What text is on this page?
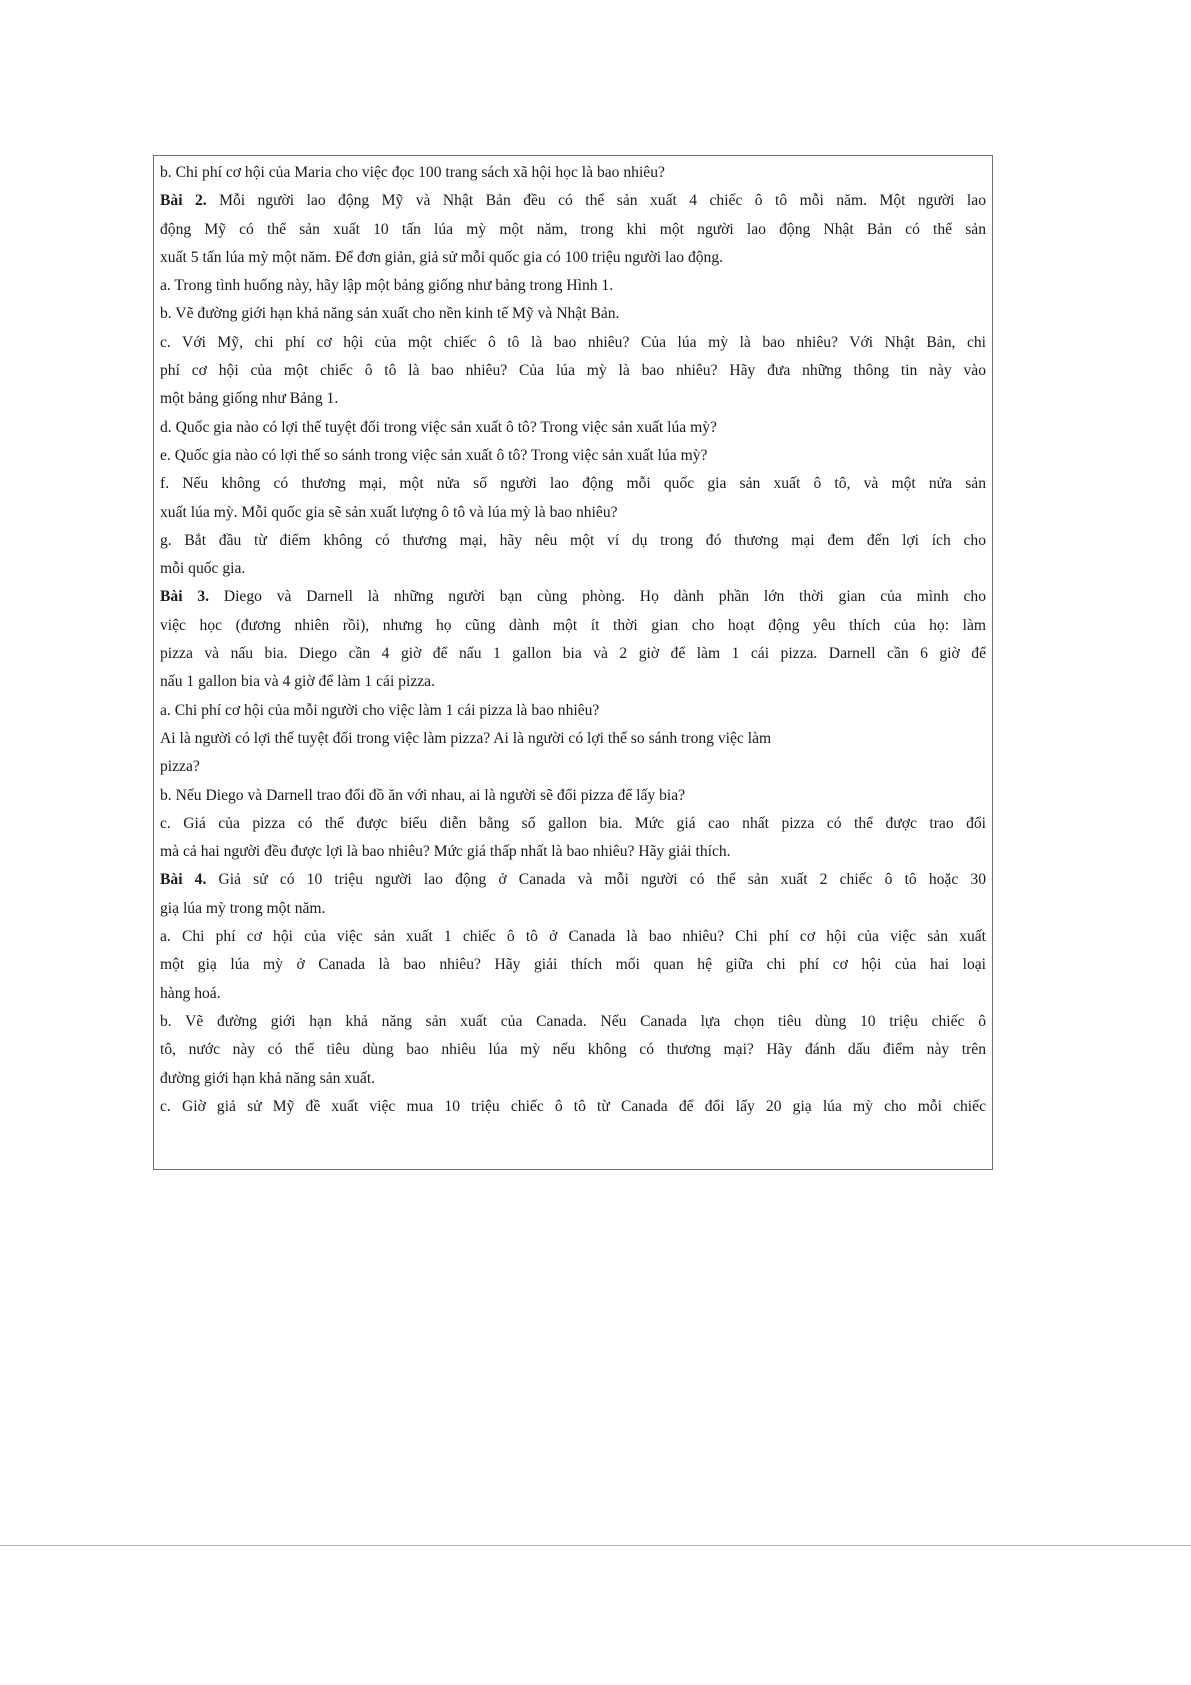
b. Chi phí cơ hội của Maria cho việc đọc 100 trang sách xã hội học là bao nhiêu?
Bài 2. Mỗi người lao động Mỹ và Nhật Bản đều có thể sản xuất 4 chiếc ô tô mỗi năm. Một người lao
động Mỹ có thể sản xuất 10 tấn lúa mỳ một năm, trong khi một người lao động Nhật Bản có thể sản
xuất 5 tấn lúa mỳ một năm. Để đơn giản, giả sử mỗi quốc gia có 100 triệu người lao động.
a. Trong tình huống này, hãy lập một bảng giống như bảng trong Hình 1.
b. Vẽ đường giới hạn khả năng sản xuất cho nền kinh tế Mỹ và Nhật Bản.
c. Với Mỹ, chi phí cơ hội của một chiếc ô tô là bao nhiêu? Của lúa mỳ là bao nhiêu? Với Nhật Bản, chi
phí cơ hội của một chiếc ô tô là bao nhiêu? Của lúa mỳ là bao nhiêu? Hãy đưa những thông tin này vào
một bảng giống như Bảng 1.
d. Quốc gia nào có lợi thế tuyệt đối trong việc sản xuất ô tô? Trong việc sản xuất lúa mỳ?
e. Quốc gia nào có lợi thế so sánh trong việc sản xuất ô tô? Trong việc sản xuất lúa mỳ?
f. Nếu không có thương mại, một nửa số người lao động mỗi quốc gia sản xuất ô tô, và một nửa sản
xuất lúa mỳ. Mỗi quốc gia sẽ sản xuất lượng ô tô và lúa mỳ là bao nhiêu?
g. Bắt đầu từ điểm không có thương mại, hãy nêu một ví dụ trong đó thương mại đem đến lợi ích cho
mỗi quốc gia.
Bài 3. Diego và Darnell là những người bạn cùng phòng. Họ dành phần lớn thời gian của mình cho
việc học (đương nhiên rồi), nhưng họ cũng dành một ít thời gian cho hoạt động yêu thích của họ: làm
pizza và nấu bia. Diego cần 4 giờ để nấu 1 gallon bia và 2 giờ để làm 1 cái pizza. Darnell cần 6 giờ để
nấu 1 gallon bia và 4 giờ để làm 1 cái pizza.
a. Chi phí cơ hội của mỗi người cho việc làm 1 cái pizza là bao nhiêu?
Ai là người có lợi thế tuyệt đối trong việc làm pizza? Ai là người có lợi thế so sánh trong việc làm
pizza?
b. Nếu Diego và Darnell trao đổi đồ ăn với nhau, ai là người sẽ đổi pizza để lấy bia?
c. Giá của pizza có thể được biểu diễn bằng số gallon bia. Mức giá cao nhất pizza có thể được trao đổi
mà cả hai người đều được lợi là bao nhiêu? Mức giá thấp nhất là bao nhiêu? Hãy giải thích.
Bài 4. Giả sử có 10 triệu người lao động ở Canada và mỗi người có thể sản xuất 2 chiếc ô tô hoặc 30
giạ lúa mỳ trong một năm.
a. Chi phí cơ hội của việc sản xuất 1 chiếc ô tô ở Canada là bao nhiêu? Chi phí cơ hội của việc sản xuất
một giạ lúa mỳ ở Canada là bao nhiêu? Hãy giải thích mối quan hệ giữa chi phí cơ hội của hai loại
hàng hoá.
b. Vẽ đường giới hạn khả năng sản xuất của Canada. Nếu Canada lựa chọn tiêu dùng 10 triệu chiếc ô
tô, nước này có thể tiêu dùng bao nhiêu lúa mỳ nếu không có thương mại? Hãy đánh dấu điểm này trên
đường giới hạn khả năng sản xuất.
c. Giờ giả sử Mỹ đề xuất việc mua 10 triệu chiếc ô tô từ Canada để đổi lấy 20 giạ lúa mỳ cho mỗi chiếc
